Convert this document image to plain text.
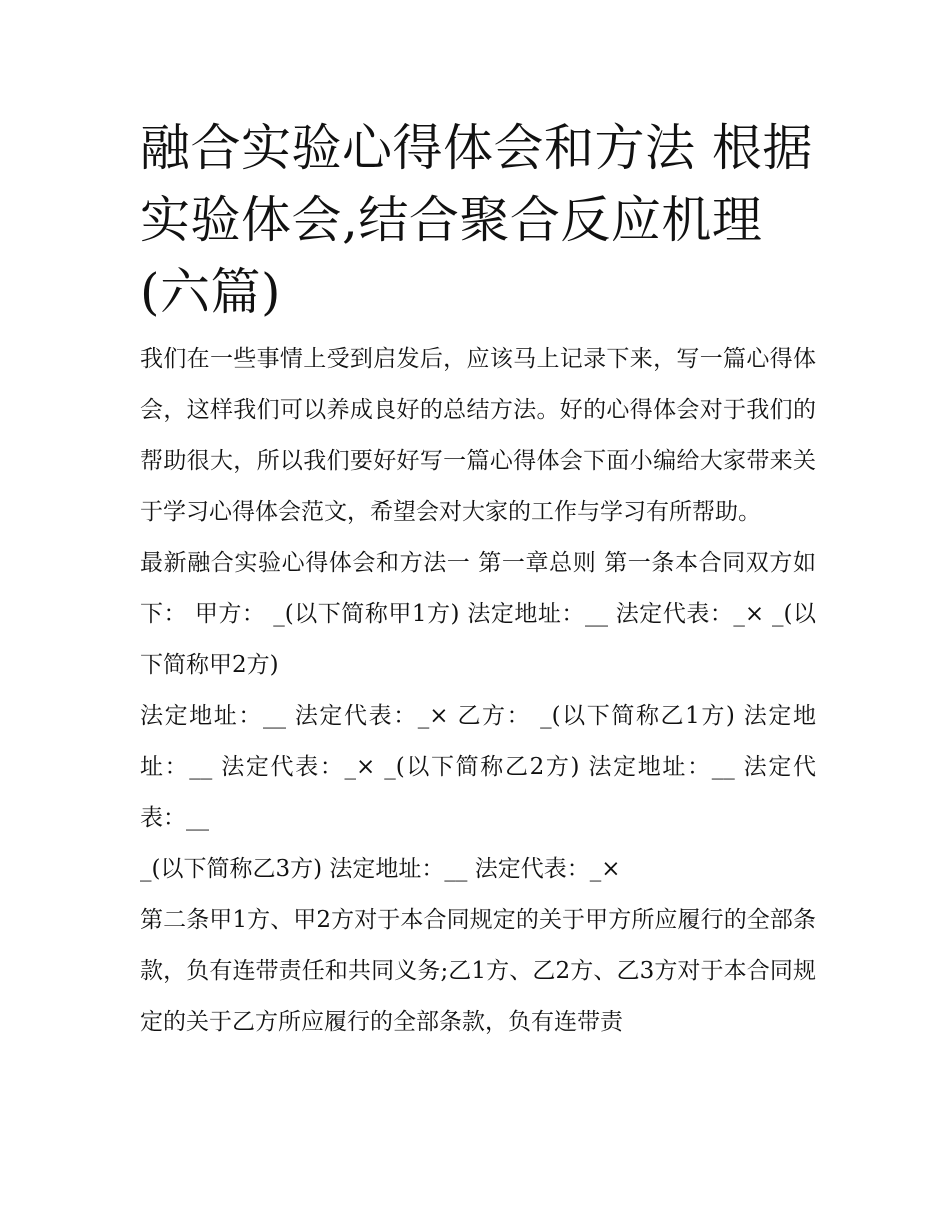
融合实验心得体会和方法 根据实验体会,结合聚合反应机理(六篇)

我们在一些事情上受到启发后，应该马上记录下来，写一篇心得体会，这样我们可以养成良好的总结方法。好的心得体会对于我们的帮助很大，所以我们要好好写一篇心得体会下面小编给大家带来关于学习心得体会范文，希望会对大家的工作与学习有所帮助。

最新融合实验心得体会和方法一 第一章总则 第一条本合同双方如下： 甲方： _(以下简称甲1方) 法定地址：__ 法定代表：_× _(以下简称甲2方)

法定地址：__ 法定代表：_× 乙方： _(以下简称乙1方) 法定地址：__ 法定代表：_× _(以下简称乙2方) 法定地址：__ 法定代表：__

_(以下简称乙3方) 法定地址：__ 法定代表：_×

第二条甲1方、甲2方对于本合同规定的关于甲方所应履行的全部条款，负有连带责任和共同义务;乙1方、乙2方、乙3方对于本合同规定的关于乙方所应履行的全部条款，负有连带责
